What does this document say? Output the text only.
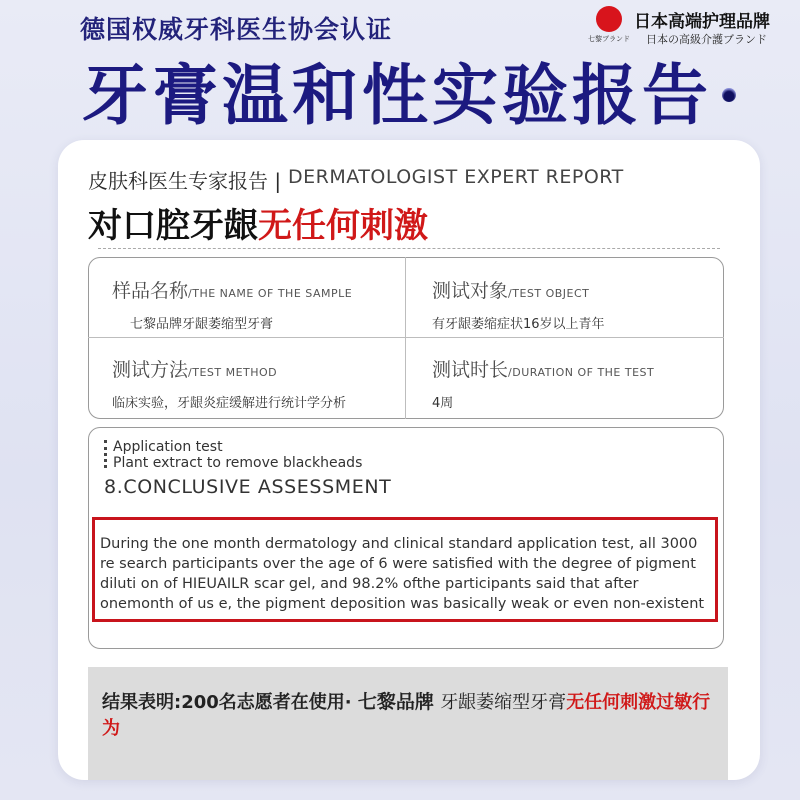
德国权威牙科医生协会认证	七黎ブランド
日本高端护理品牌
日本の高級介護ブランド
牙膏温和性实验报告
皮肤科医生专家报告 | DERMATOLOGIST EXPERT REPORT
对口腔牙龈无任何刺激
样品名称/THE NAME OF THE SAMPLE
七黎品牌牙龈萎缩型牙膏
测试对象/TEST OBJECT
有牙龈萎缩症状16岁以上青年
测试方法/TEST METHOD
临床实验，牙龈炎症缓解进行统计学分析
测试时长/DURATION OF THE TEST
4周
Application test
Plant extract to remove blackheads
8.CONCLUSIVE ASSESSMENT
During the one month dermatology and clinical standard application test, all 3000 re search participants over the age of 6 were satisfied with the degree of pigment diluti on of HIEUAILR scar gel, and 98.2% ofthe participants said that after onemonth of us e, the pigment deposition was basically weak or even non-existent
结果表明:200名志愿者在使用· 七黎品牌 牙龈萎缩型牙膏无任何刺激过敏行为
